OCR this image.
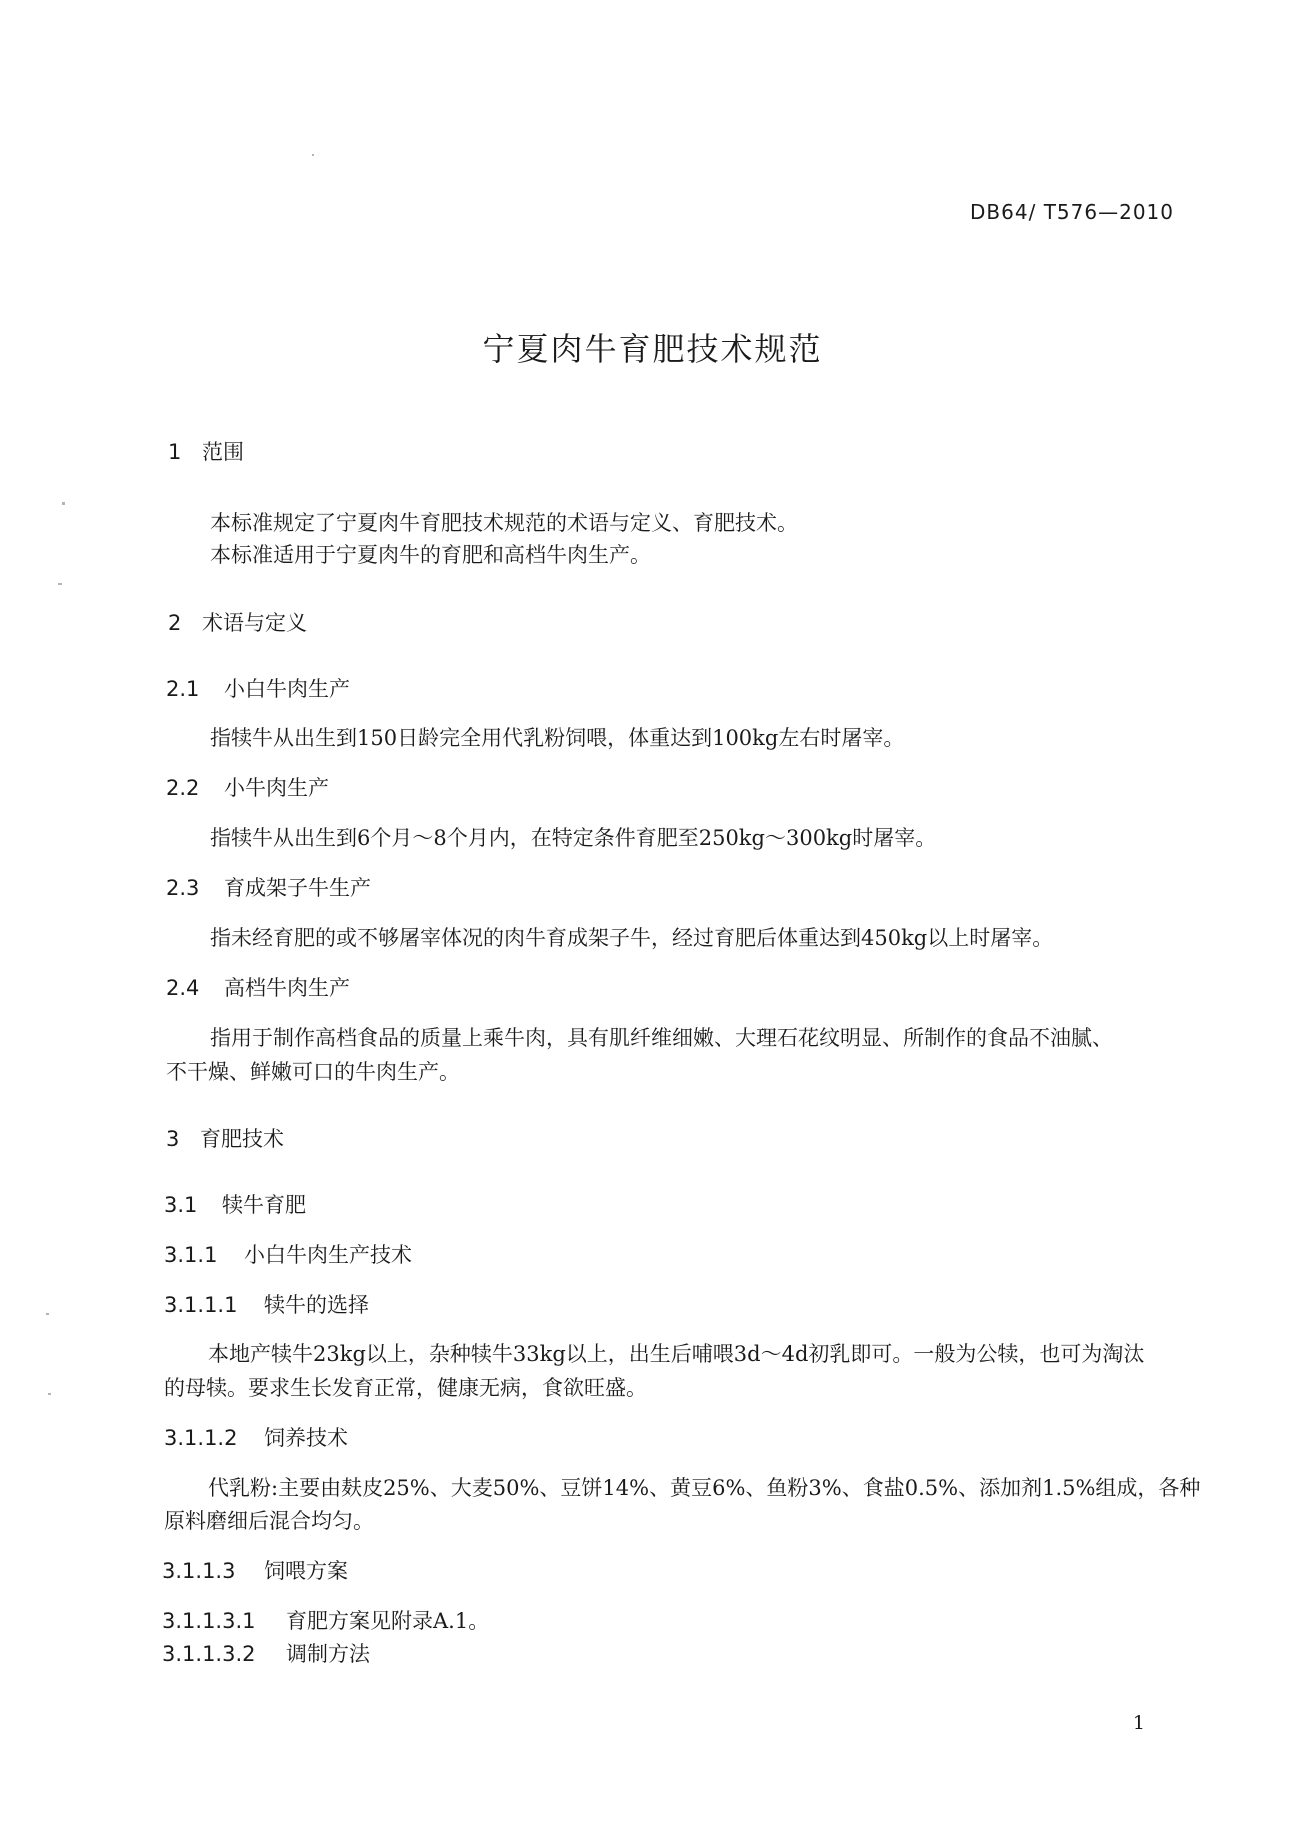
DB64/ T576—2010
宁夏肉牛育肥技术规范
1 范围
本标准规定了宁夏肉牛育肥技术规范的术语与定义、育肥技术。
本标准适用于宁夏肉牛的育肥和高档牛肉生产。
2 术语与定义
2.1 小白牛肉生产
指犊牛从出生到150日龄完全用代乳粉饲喂，体重达到100kg左右时屠宰。
2.2 小牛肉生产
指犊牛从出生到6个月～8个月内，在特定条件育肥至250kg～300kg时屠宰。
2.3 育成架子牛生产
指未经育肥的或不够屠宰体况的肉牛育成架子牛，经过育肥后体重达到450kg以上时屠宰。
2.4 高档牛肉生产
指用于制作高档食品的质量上乘牛肉，具有肌纤维细嫩、大理石花纹明显、所制作的食品不油腻、
不干燥、鲜嫩可口的牛肉生产。
3 育肥技术
3.1 犊牛育肥
3.1.1 小白牛肉生产技术
3.1.1.1 犊牛的选择
本地产犊牛23kg以上，杂种犊牛33kg以上，出生后哺喂3d～4d初乳即可。一般为公犊，也可为淘汰
的母犊。要求生长发育正常，健康无病，食欲旺盛。
3.1.1.2 饲养技术
代乳粉:主要由麸皮25%、大麦50%、豆饼14%、黄豆6%、鱼粉3%、食盐0.5%、添加剂1.5%组成，各种
原料磨细后混合均匀。
3.1.1.3 饲喂方案
3.1.1.3.1 育肥方案见附录A.1。
3.1.1.3.2 调制方法
1
